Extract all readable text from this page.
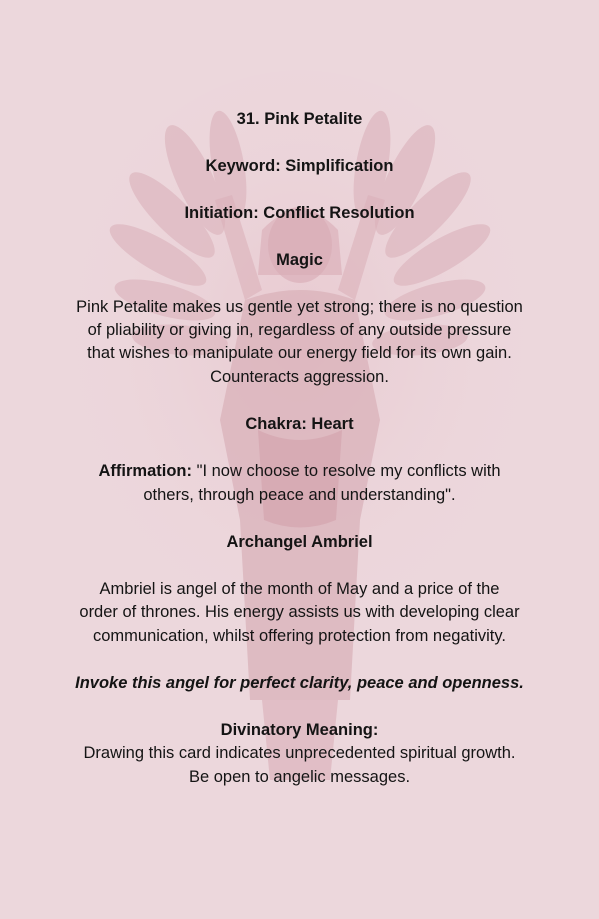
31. Pink Petalite
Keyword: Simplification
Initiation: Conflict Resolution
Magic
Pink Petalite makes us gentle yet strong; there is no question
of pliability or giving in, regardless of any outside pressure
that wishes to manipulate our energy field for its own gain.
Counteracts aggression.
Chakra: Heart
Affirmation: "I now choose to resolve my conflicts with
others, through peace and understanding".
Archangel Ambriel
Ambriel is angel of the month of May and a price of the
order of thrones. His energy assists us with developing clear
communication, whilst offering protection from negativity.
Invoke this angel for perfect clarity, peace and openness.
Divinatory Meaning:
Drawing this card indicates unprecedented spiritual growth.
Be open to angelic messages.
